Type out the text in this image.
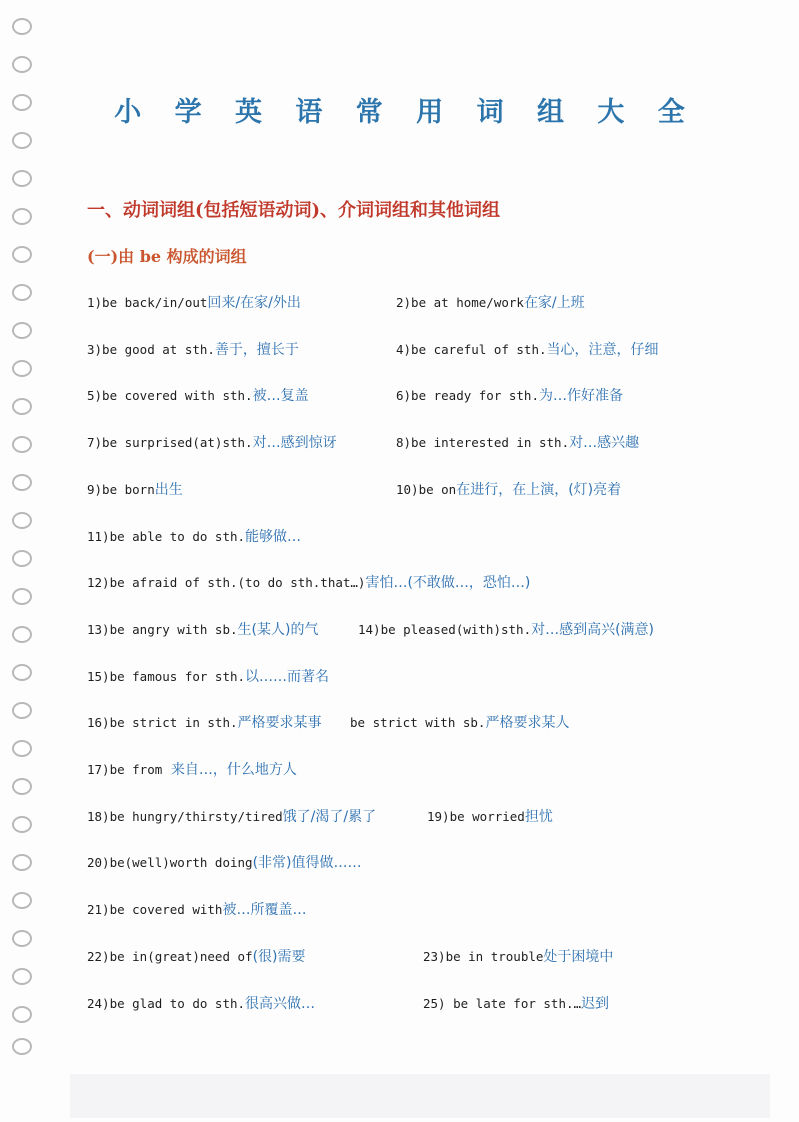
小 学 英 语 常 用 词 组 大 全
一、动词词组(包括短语动词)、介词词组和其他词组
(一)由 be 构成的词组
1)be back/in/out回来/在家/外出	2)be at home/work在家/上班
3)be good at sth.善于，擅长于	4)be careful of sth.当心，注意，仔细
5)be covered with sth.被…复盖	6)be ready for sth.为…作好准备
7)be surprised(at)sth.对…感到惊讶	8)be interested in sth.对…感兴趣
9)be born出生	10)be on在进行，在上演，(灯)亮着
11)be able to do sth.能够做…
12)be afraid of sth.(to do sth.that…)害怕…(不敢做…，恐怕…)
13)be angry with sb.生(某人)的气	14)be pleased(with)sth.对…感到高兴(满意)
15)be famous for sth.以……而著名
16)be strict in sth.严格要求某事 be strict with sb.严格要求某人
17)be from 来自…，什么地方人
18)be hungry/thirsty/tired饿了/渴了/累了	19)be worried担忧
20)be(well)worth doing(非常)值得做……
21)be covered with被…所覆盖…
22)be in(great)need of(很)需要	23)be in trouble处于困境中
24)be glad to do sth.很高兴做…	25) be late for sth.…迟到
